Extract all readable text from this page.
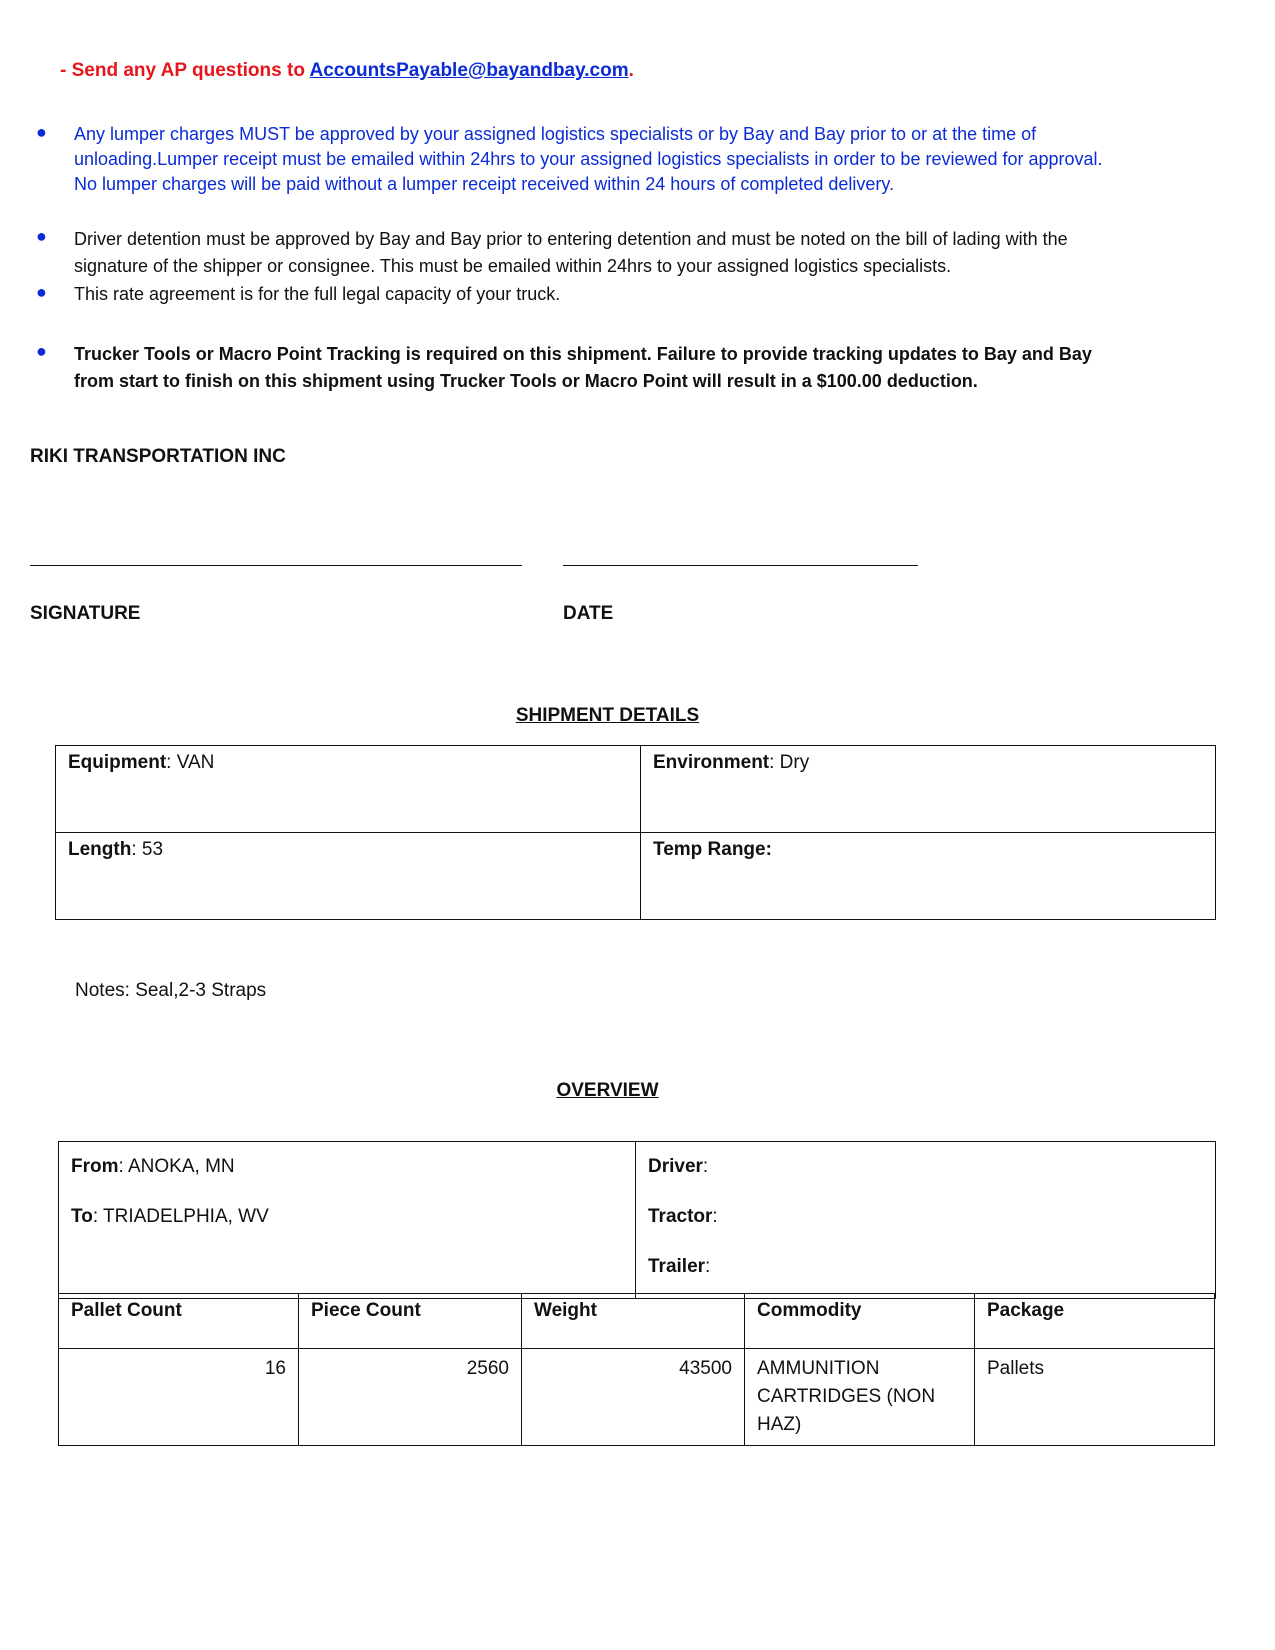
- Send any AP questions to AccountsPayable@bayandbay.com.
● Any lumper charges MUST be approved by your assigned logistics specialists or by Bay and Bay prior to or at the time of unloading.Lumper receipt must be emailed within 24hrs to your assigned logistics specialists in order to be reviewed for approval. No lumper charges will be paid without a lumper receipt received within 24 hours of completed delivery.
● Driver detention must be approved by Bay and Bay prior to entering detention and must be noted on the bill of lading with the signature of the shipper or consignee. This must be emailed within 24hrs to your assigned logistics specialists.
● This rate agreement is for the full legal capacity of your truck.
● Trucker Tools or Macro Point Tracking is required on this shipment. Failure to provide tracking updates to Bay and Bay from start to finish on this shipment using Trucker Tools or Macro Point will result in a $100.00 deduction.
RIKI TRANSPORTATION INC
SIGNATURE	DATE
SHIPMENT DETAILS
Equipment: VAN	Environment: Dry
Length: 53	Temp Range:
Notes: Seal,2-3 Straps
OVERVIEW
From: ANOKA, MN
To: TRIADELPHIA, WV

Driver:
Tractor:
Trailer:
Pallet Count	Piece Count	Weight	Commodity	Package
16	2560	43500	AMMUNITION CARTRIDGES (NON HAZ)	Pallets
